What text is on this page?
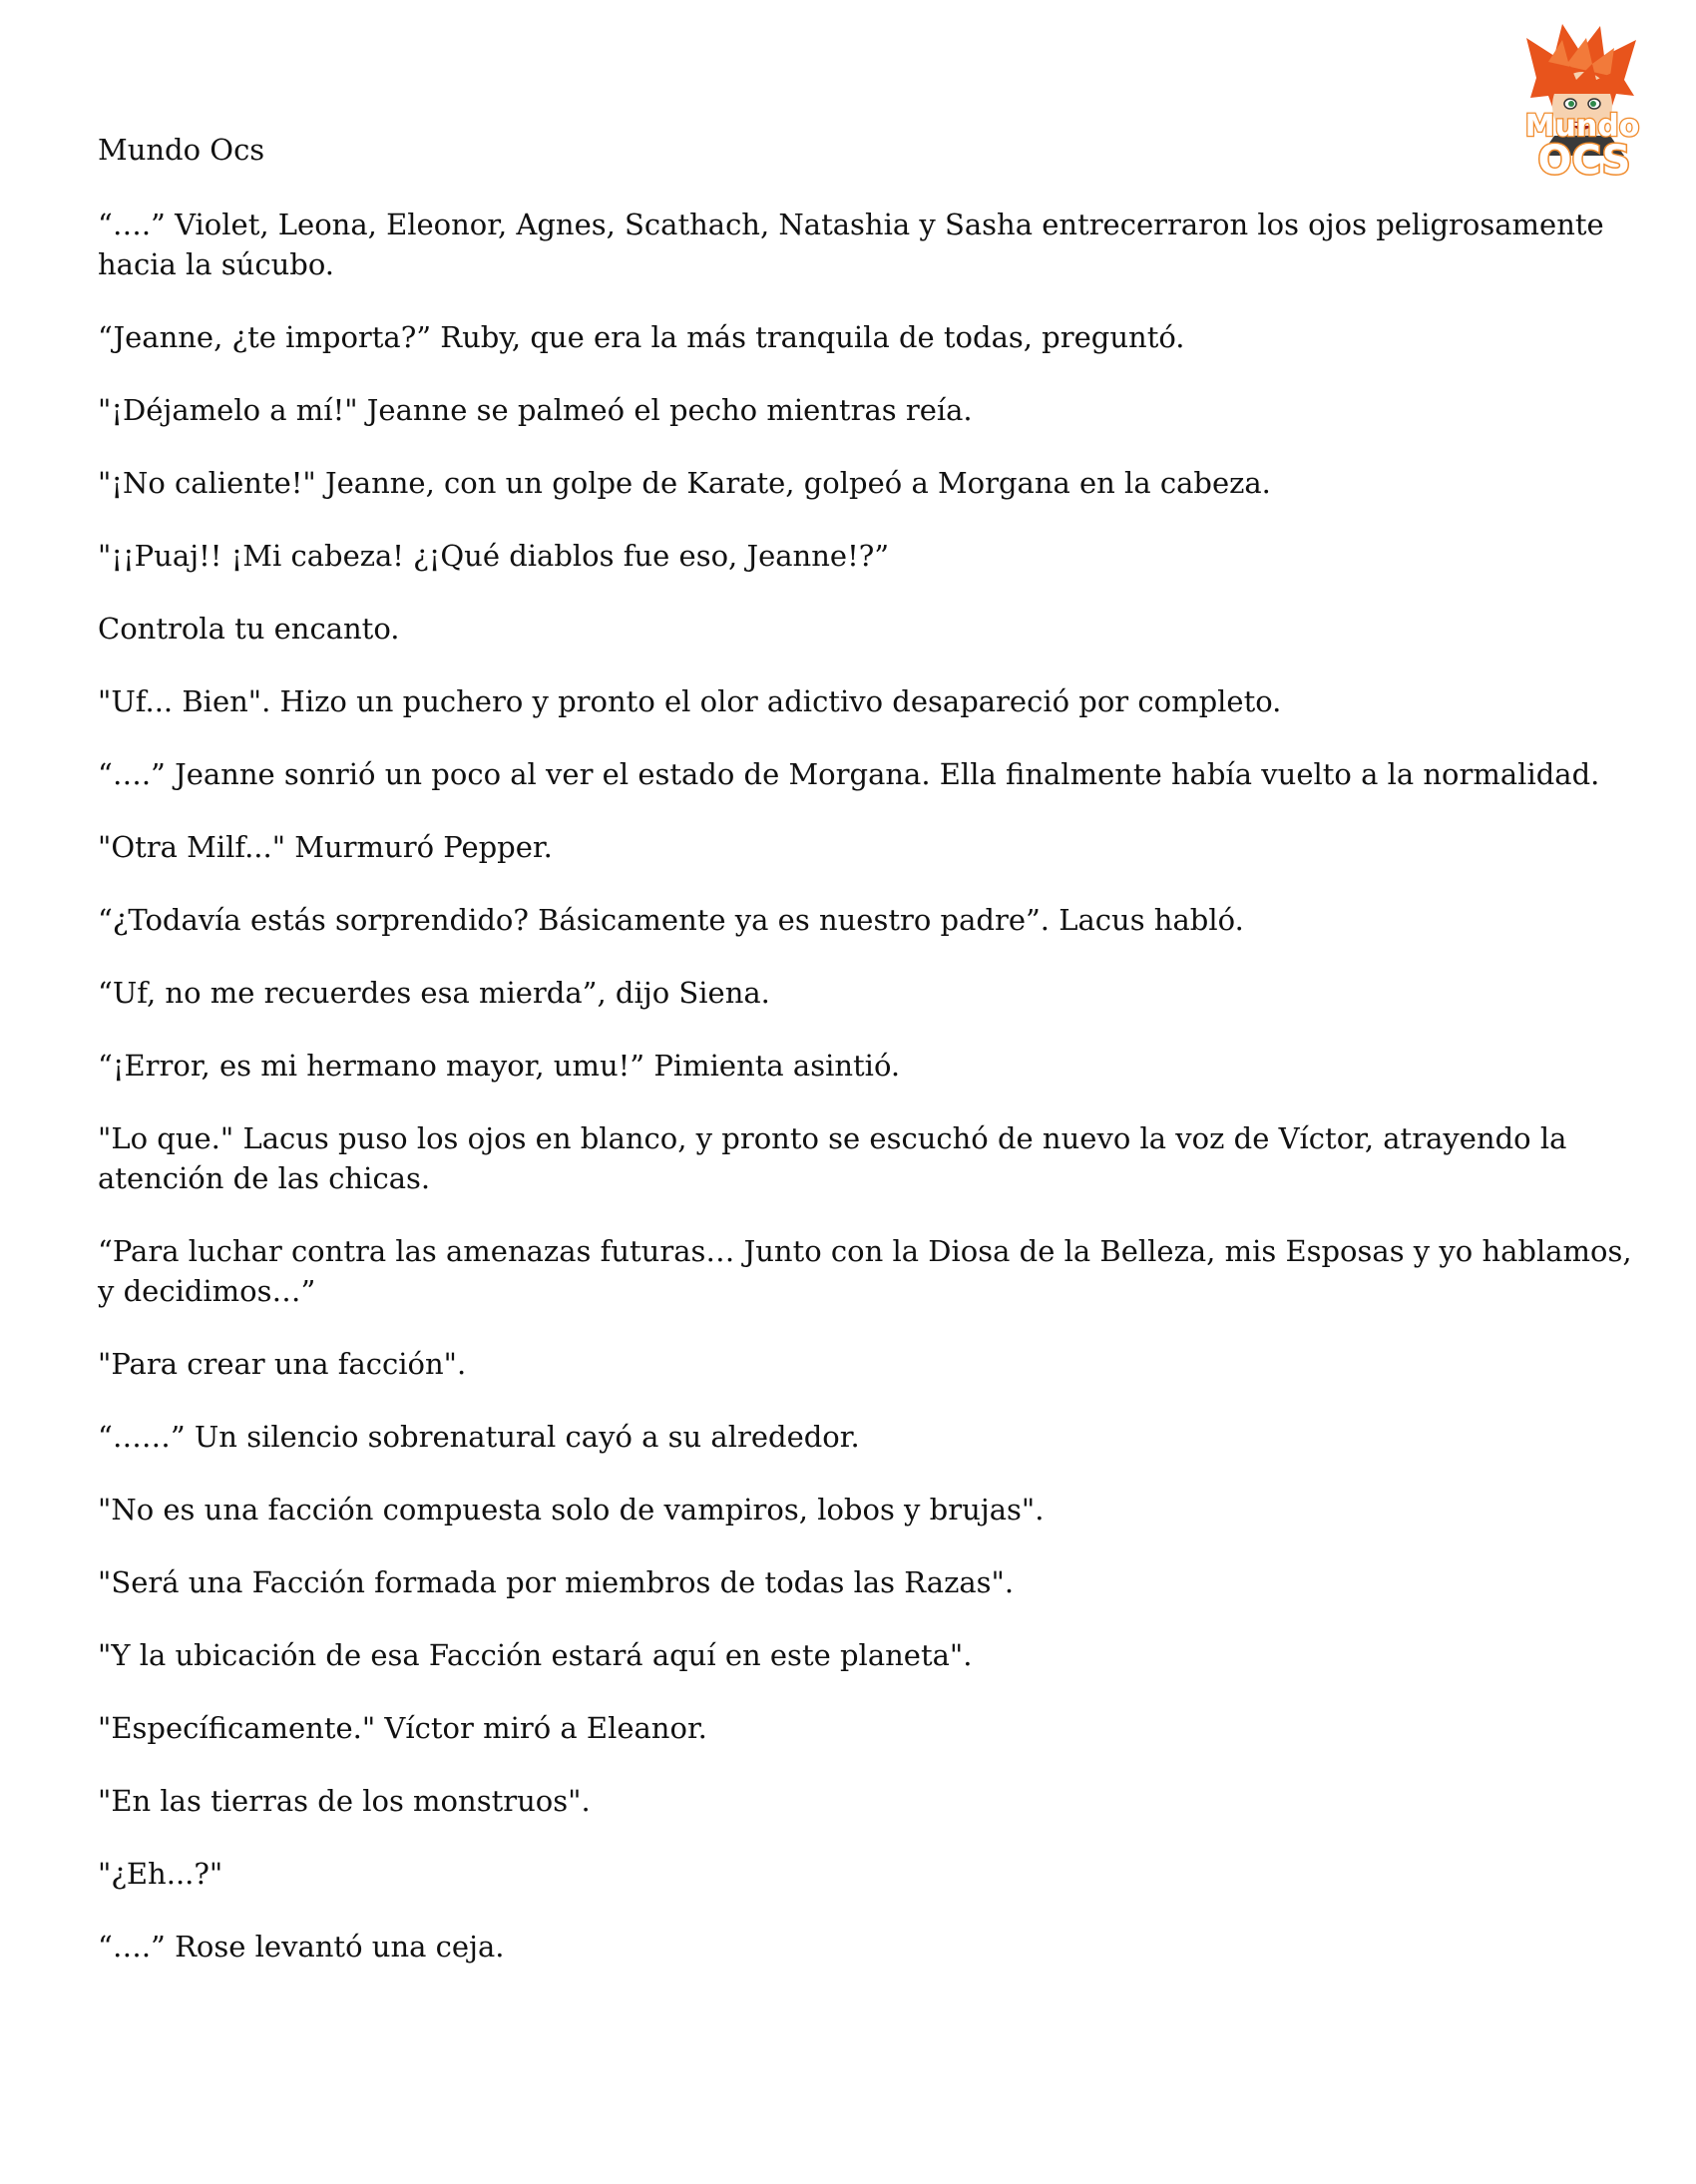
Mundo Ocs
Mundo
OCS

“….” Violet, Leona, Eleonor, Agnes, Scathach, Natashia y Sasha entrecerraron los ojos peligrosamente hacia la súcubo.

“Jeanne, ¿te importa?” Ruby, que era la más tranquila de todas, preguntó.

"¡Déjamelo a mí!" Jeanne se palmeó el pecho mientras reía.

"¡No caliente!" Jeanne, con un golpe de Karate, golpeó a Morgana en la cabeza.

"¡¡Puaj!! ¡Mi cabeza! ¿¡Qué diablos fue eso, Jeanne!?”

Controla tu encanto.

"Uf... Bien". Hizo un puchero y pronto el olor adictivo desapareció por completo.

“….” Jeanne sonrió un poco al ver el estado de Morgana. Ella finalmente había vuelto a la normalidad.

"Otra Milf..." Murmuró Pepper.

“¿Todavía estás sorprendido? Básicamente ya es nuestro padre”. Lacus habló.

“Uf, no me recuerdes esa mierda”, dijo Siena.

“¡Error, es mi hermano mayor, umu!” Pimienta asintió.

"Lo que." Lacus puso los ojos en blanco, y pronto se escuchó de nuevo la voz de Víctor, atrayendo la atención de las chicas.

“Para luchar contra las amenazas futuras… Junto con la Diosa de la Belleza, mis Esposas y yo hablamos, y decidimos…”

"Para crear una facción".

“……” Un silencio sobrenatural cayó a su alrededor.

"No es una facción compuesta solo de vampiros, lobos y brujas".

"Será una Facción formada por miembros de todas las Razas".

"Y la ubicación de esa Facción estará aquí en este planeta".

"Específicamente." Víctor miró a Eleanor.

"En las tierras de los monstruos".

"¿Eh...?"

“….” Rose levantó una ceja.
